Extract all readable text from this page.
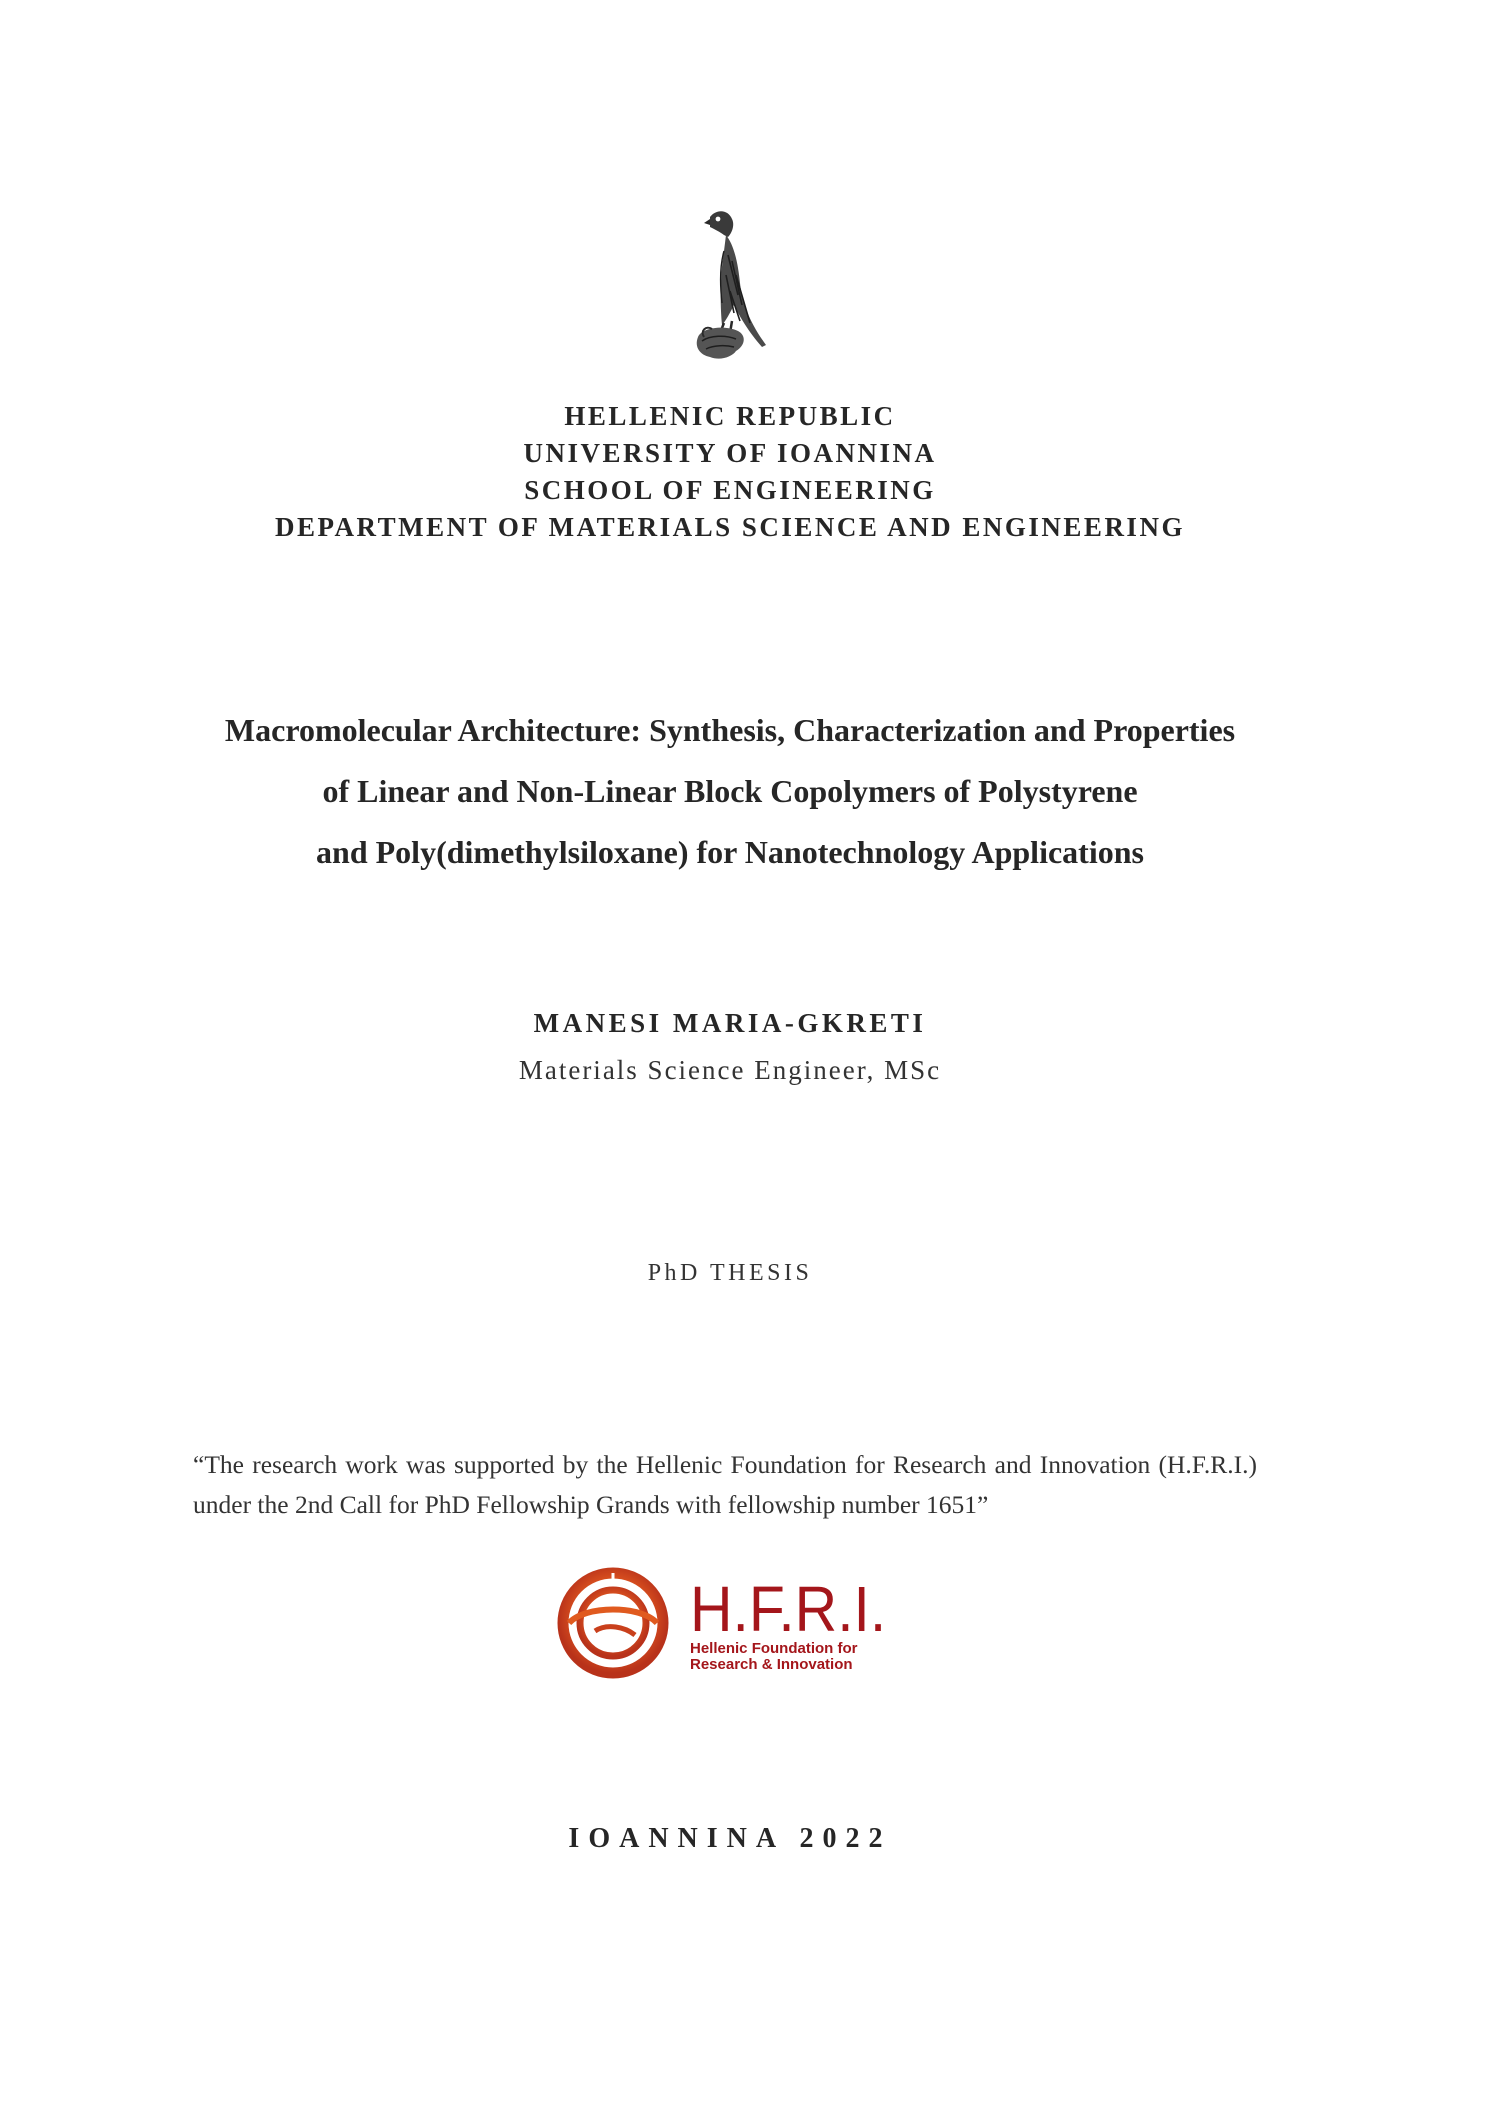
HELLENIC REPUBLIC
UNIVERSITY OF IOANNINA
SCHOOL OF ENGINEERING
DEPARTMENT OF MATERIALS SCIENCE AND ENGINEERING
Macromolecular Architecture: Synthesis, Characterization and Properties
of Linear and Non-Linear Block Copolymers of Polystyrene
and Poly(dimethylsiloxane) for Nanotechnology Applications
MANESI MARIA-GKRETI
Materials Science Engineer, MSc
PhD THESIS
“The research work was supported by the Hellenic Foundation for Research and Innovation (H.F.R.I.) under the 2nd Call for PhD Fellowship Grands with fellowship number 1651”
H.F.R.I.
Hellenic Foundation for
Research & Innovation
IOANNINA 2022
